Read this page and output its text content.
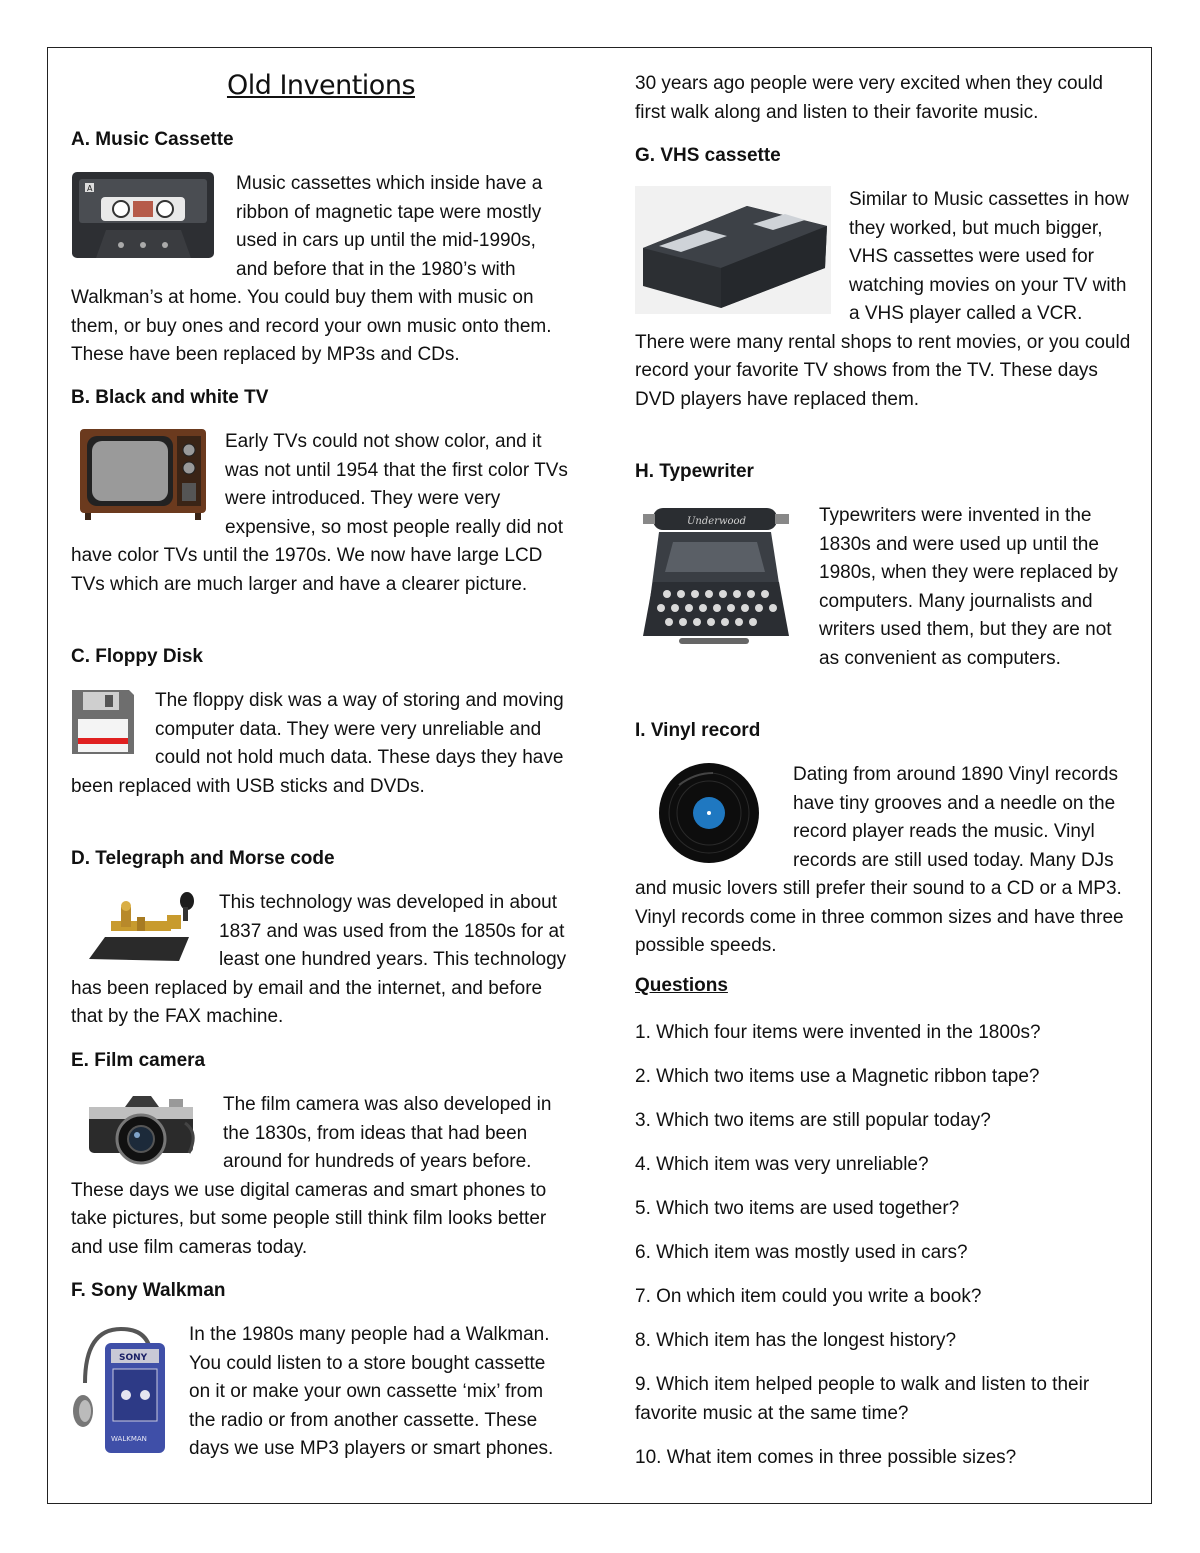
Old Inventions
A. Music Cassette
A	Music cassettes which inside have a ribbon of magnetic tape were mostly used in cars up until the mid-1990s, and before that in the 1980’s with Walkman’s at home. You could buy them with music on them, or buy ones and record your own music onto them. These have been replaced by MP3s and CDs.
B. Black and white TV
Early TVs could not show color, and it was not until 1954 that the first color TVs were introduced. They were very expensive, so most people really did not have color TVs until the 1970s. We now have large LCD TVs which are much larger and have a clearer picture.
C. Floppy Disk
The floppy disk was a way of storing and moving computer data. They were very unreliable and could not hold much data. These days they have been replaced with USB sticks and DVDs.
D. Telegraph and Morse code
This technology was developed in about 1837 and was used from the 1850s for at least one hundred years. This technology has been replaced by email and the internet, and before that by the FAX machine.
E. Film camera
The film camera was also developed in the 1830s, from ideas that had been around for hundreds of years before. These days we use digital cameras and smart phones to take pictures, but some people still think film looks better and use film cameras today.
F. Sony Walkman
SONY
WALKMAN
In the 1980s many people had a Walkman. You could listen to a store bought cassette on it or make your own cassette ‘mix’ from the radio or from another cassette. These days we use MP3 players or smart phones.
30 years ago people were very excited when they could first walk along and listen to their favorite music.
G. VHS cassette
Similar to Music cassettes in how they worked, but much bigger, VHS cassettes were used for watching movies on your TV with a VHS player called a VCR. There were many rental shops to rent movies, or you could record your favorite TV shows from the TV. These days DVD players have replaced them.
H. Typewriter
Underwood	Typewriters were invented in the 1830s and were used up until the 1980s, when they were replaced by computers. Many journalists and writers used them, but they are not as convenient as computers.
I. Vinyl record
Dating from around 1890 Vinyl records have tiny grooves and a needle on the record player reads the music. Vinyl records are still used today. Many DJs and music lovers still prefer their sound to a CD or a MP3. Vinyl records come in three common sizes and have three possible speeds.
Questions
1. Which four items were invented in the 1800s?
2. Which two items use a Magnetic ribbon tape?
3. Which two items are still popular today?
4. Which item was very unreliable?
5. Which two items are used together?
6. Which item was mostly used in cars?
7. On which item could you write a book?
8. Which item has the longest history?
9. Which item helped people to walk and listen to their favorite music at the same time?
10. What item comes in three possible sizes?
